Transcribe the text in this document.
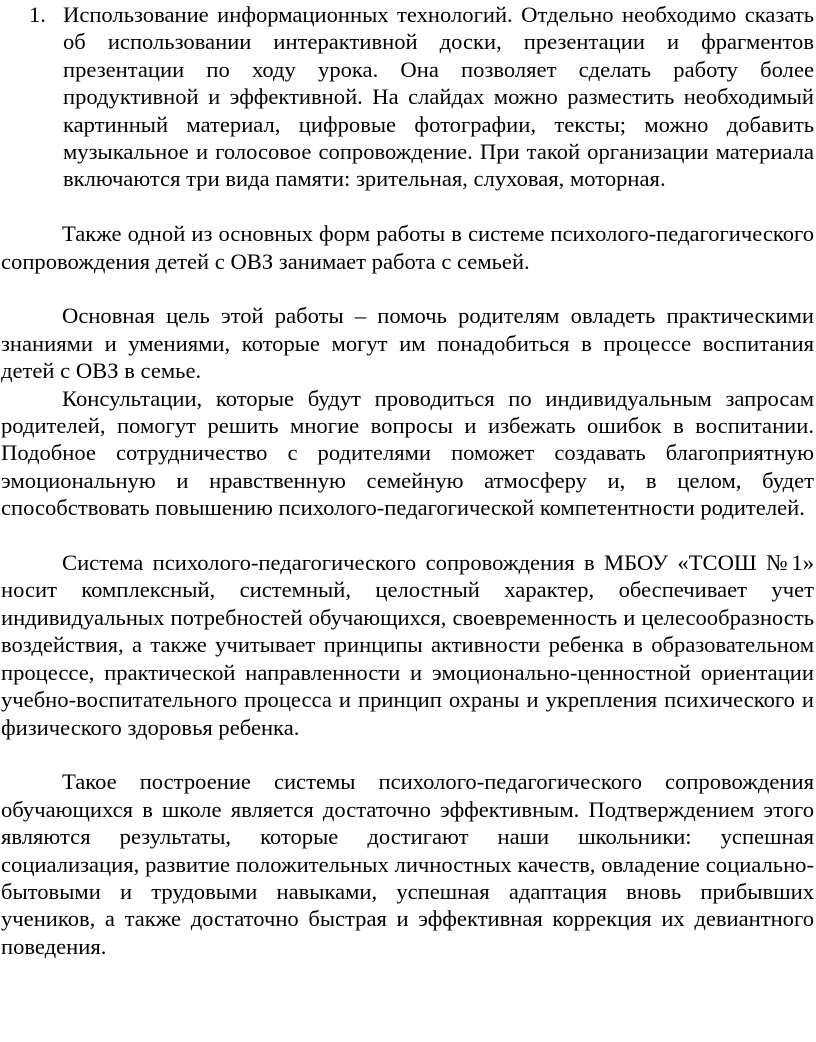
1. Использование информационных технологий. Отдельно необходимо сказать об использовании интерактивной доски, презентации и фрагментов презентации по ходу урока. Она позволяет сделать работу более продуктивной и эффективной. На слайдах можно разместить необходимый картинный материал, цифровые фотографии, тексты; можно добавить музыкальное и голосовое сопровождение. При такой организации материала включаются три вида памяти: зрительная, слуховая, моторная.

Также одной из основных форм работы в системе психолого-педагогического сопровождения детей с ОВЗ занимает работа с семьей.

Основная цель этой работы – помочь родителям овладеть практическими знаниями и умениями, которые могут им понадобиться в процессе воспитания детей с ОВЗ в семье.

Консультации, которые будут проводиться по индивидуальным запросам родителей, помогут решить многие вопросы и избежать ошибок в воспитании. Подобное сотрудничество с родителями поможет создавать благоприятную эмоциональную и нравственную семейную атмосферу и, в целом, будет способствовать повышению психолого-педагогической компетентности родителей.

Система психолого-педагогического сопровождения в МБОУ «ТСОШ №1» носит комплексный, системный, целостный характер, обеспечивает учет индивидуальных потребностей обучающихся, своевременность и целесообразность воздействия, а также учитывает принципы активности ребенка в образовательном процессе, практической направленности и эмоционально-ценностной ориентации учебно-воспитательного процесса и принцип охраны и укрепления психического и физического здоровья ребенка.

Такое построение системы психолого-педагогического сопровождения обучающихся в школе является достаточно эффективным. Подтверждением этого являются результаты, которые достигают наши школьники: успешная социализация, развитие положительных личностных качеств, овладение социально-бытовыми и трудовыми навыками, успешная адаптация вновь прибывших учеников, а также достаточно быстрая и эффективная коррекция их девиантного поведения.
